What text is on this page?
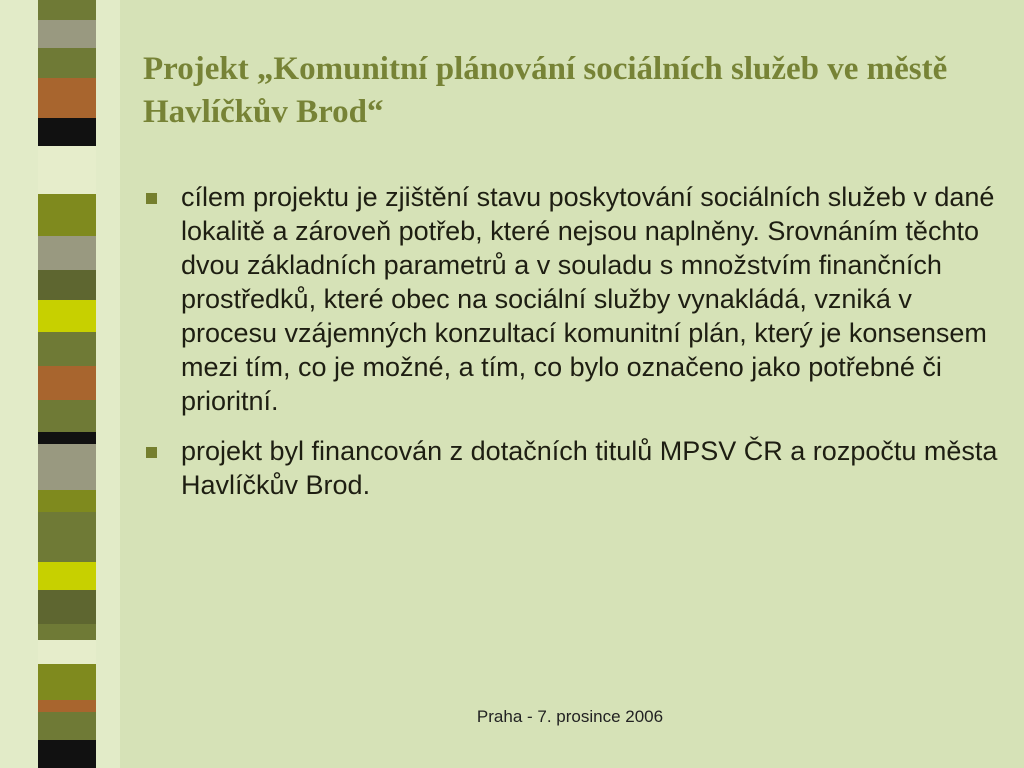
Projekt „Komunitní plánování sociálních služeb ve městě Havlíčkův Brod“
cílem projektu je zjištění stavu poskytování sociálních služeb v dané lokalitě a zároveň potřeb, které nejsou naplněny. Srovnáním těchto dvou základních parametrů a v souladu s množstvím finančních prostředků, které obec na sociální služby vynakládá, vzniká v procesu vzájemných konzultací komunitní plán, který je konsensem mezi tím, co je možné, a tím, co bylo označeno jako potřebné či prioritní.
projekt byl financován z dotačních titulů MPSV ČR a rozpočtu města Havlíčkův Brod.
Praha - 7. prosince 2006
